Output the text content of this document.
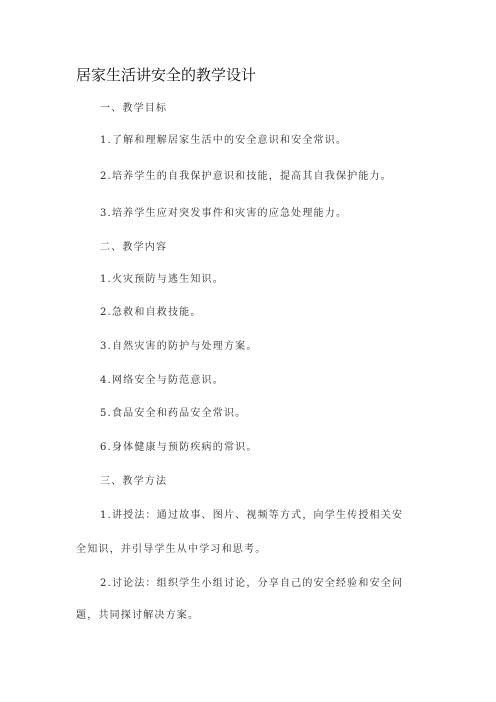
居家生活讲安全的教学设计
一、教学目标
1.了解和理解居家生活中的安全意识和安全常识。
2.培养学生的自我保护意识和技能，提高其自我保护能力。
3.培养学生应对突发事件和灾害的应急处理能力。
二、教学内容
1.火灾预防与逃生知识。
2.急救和自救技能。
3.自然灾害的防护与处理方案。
4.网络安全与防范意识。
5.食品安全和药品安全常识。
6.身体健康与预防疾病的常识。
三、教学方法
1.讲授法：通过故事、图片、视频等方式，向学生传授相关安
全知识，并引导学生从中学习和思考。
2.讨论法：组织学生小组讨论，分享自己的安全经验和安全问
题，共同探讨解决方案。
